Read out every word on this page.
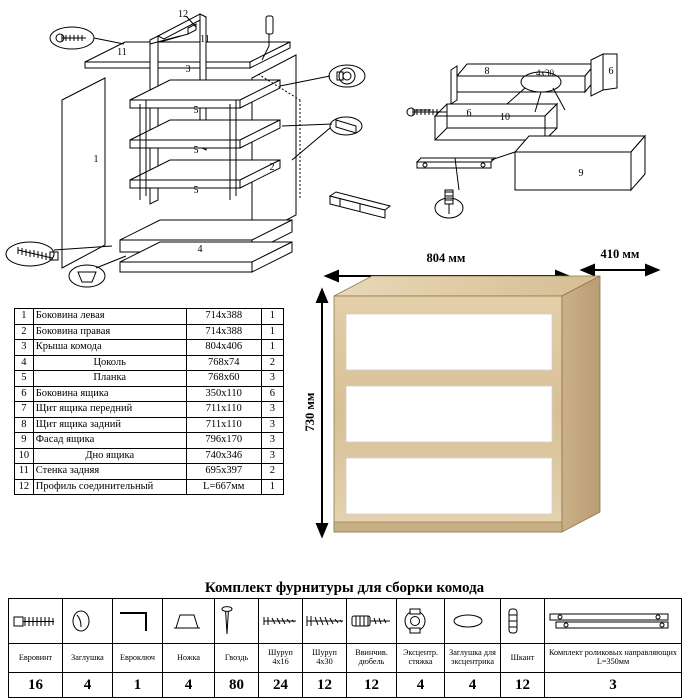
12
11
11
3
5
5
5
1
2
4
8	6
6	10
9
4х30
804 мм	410 мм
730 мм
1	Боковина левая	714х388	1
2	Боковина правая	714х388	1
3	Крыша комода	804х406	1
4	Цоколь	768х74	2
5	Планка	768х60	3
6	Боковина ящика	350х110	6
7	Щит ящика передний	711х110	3
8	Щит ящика задний	711х110	3
9	Фасад ящика	796х170	3
10	Дно ящика	740х346	3
11	Стенка задняя	695х397	2
12	Профиль соединительный	L=667мм	1
Комплект фурнитуры для сборки комода

Евровинт	Заглушка	Евроключ	Ножка	Гвоздь	Шуруп 4х16	Шуруп 4х30	Ввинчив. дюбель	Эксцентр. стяжка	Заглушка для эксцентрика	Шкант	Комплект роликовых направляющих L=350мм
16	4	1	4	80	24	12	12	4	4	12	3
